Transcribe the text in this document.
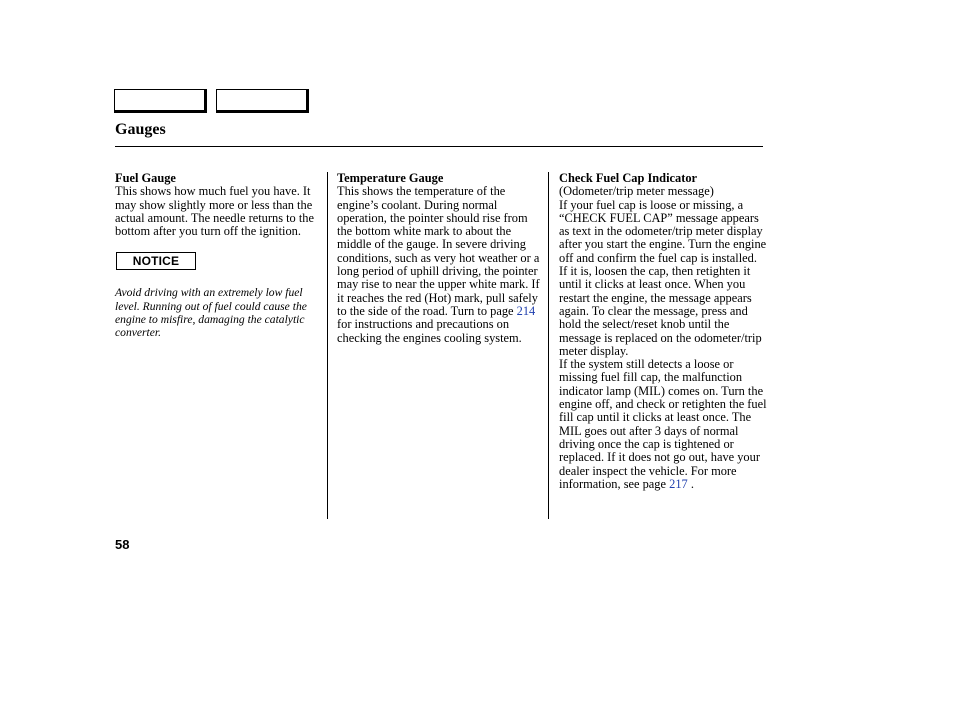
Gauges
Fuel Gauge

This shows how much fuel you have. It may show slightly more or less than the actual amount. The needle returns to the bottom after you turn off the ignition.

NOTICE
Avoid driving with an extremely low fuel level. Running out of fuel could cause the engine to misfire, damaging the catalytic converter.
Temperature Gauge

This shows the temperature of the engine’s coolant. During normal operation, the pointer should rise from the bottom white mark to about the middle of the gauge. In severe driving conditions, such as very hot weather or a long period of uphill driving, the pointer may rise to near the upper white mark. If it reaches the red (Hot) mark, pull safely to the side of the road. Turn to page 214 for instructions and precautions on checking the engines cooling system.

Check Fuel Cap Indicator

(Odometer/trip meter message)

If your fuel cap is loose or missing, a “CHECK FUEL CAP” message appears as text in the odometer/trip meter display after you start the engine. Turn the engine off and confirm the fuel cap is installed. If it is, loosen the cap, then retighten it until it clicks at least once. When you restart the engine, the message appears again. To clear the message, press and hold the select/reset knob until the message is replaced on the odometer/trip meter display.

If the system still detects a loose or missing fuel fill cap, the malfunction indicator lamp (MIL) comes on. Turn the engine off, and check or retighten the fuel fill cap until it clicks at least once. The MIL goes out after 3 days of normal driving once the cap is tightened or replaced. If it does not go out, have your dealer inspect the vehicle. For more information, see page 217 .

58
